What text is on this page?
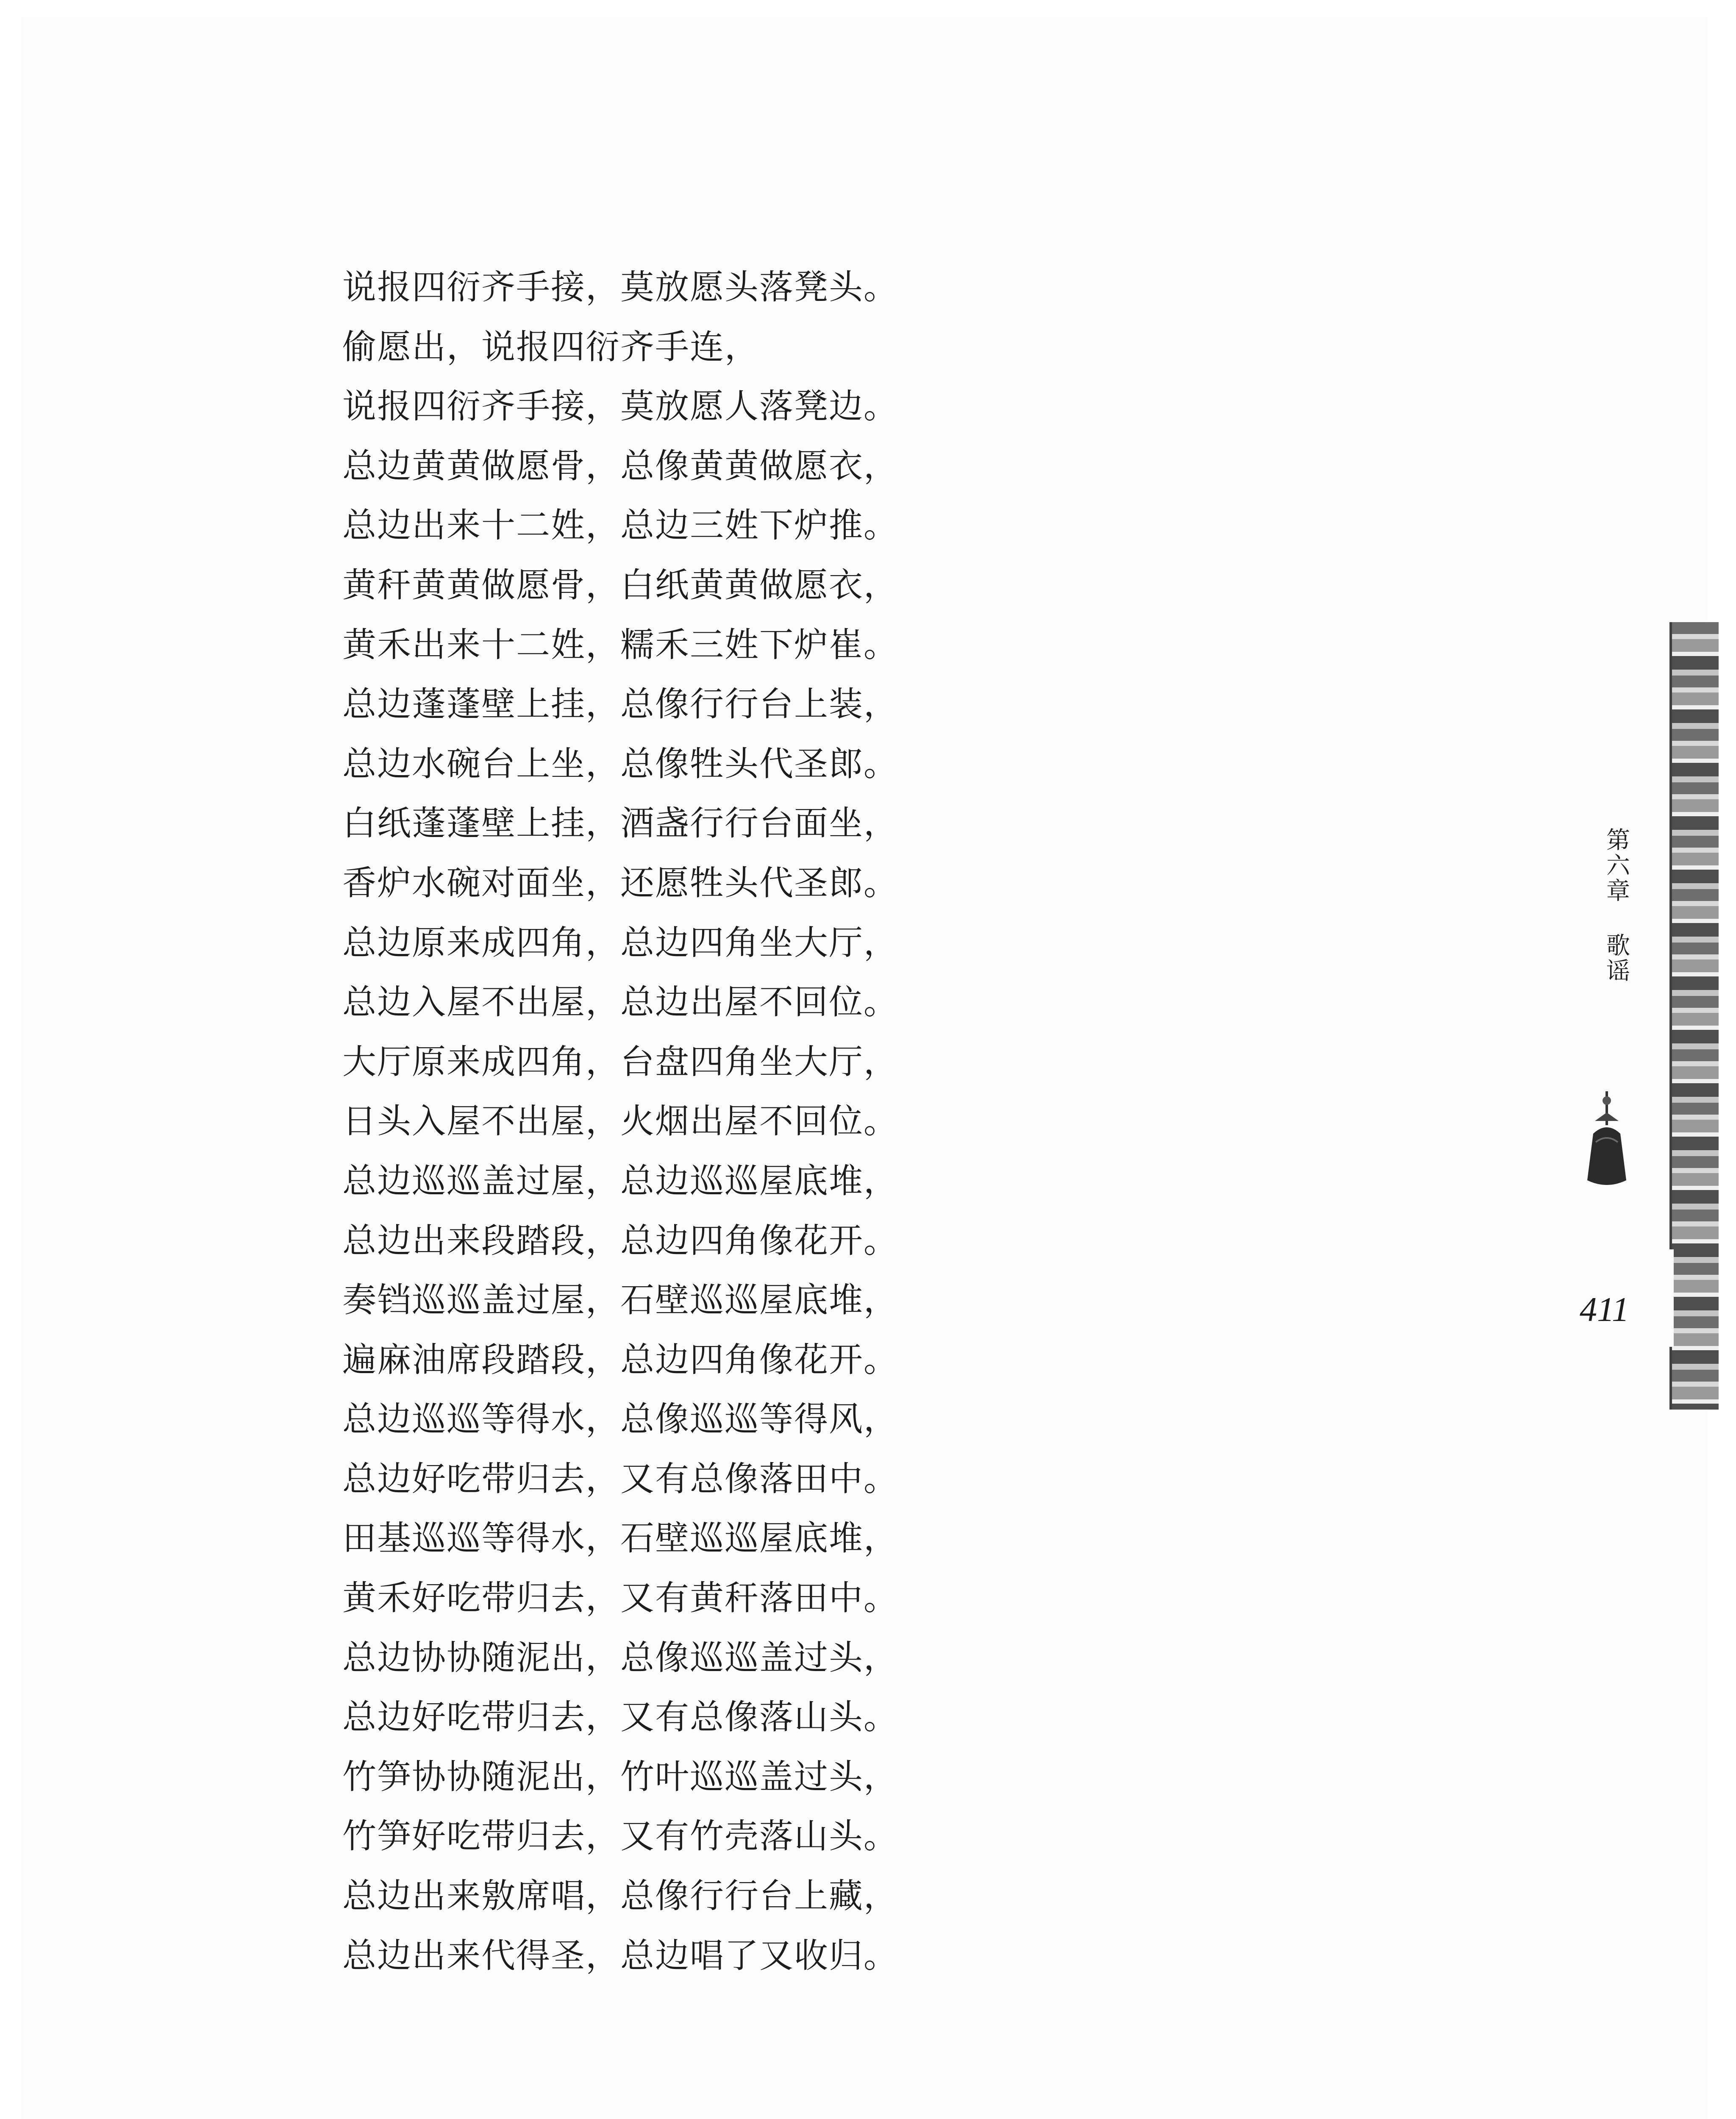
说报四衍齐手接，莫放愿头落凳头。
偷愿出，说报四衍齐手连，
说报四衍齐手接，莫放愿人落凳边。
总边黄黄做愿骨，总像黄黄做愿衣，
总边出来十二姓，总边三姓下炉推。
黄秆黄黄做愿骨，白纸黄黄做愿衣，
黄禾出来十二姓，糯禾三姓下炉崔。
总边蓬蓬壁上挂，总像行行台上装，
总边水碗台上坐，总像牲头代圣郎。
白纸蓬蓬壁上挂，酒盏行行台面坐，
香炉水碗对面坐，还愿牲头代圣郎。
总边原来成四角，总边四角坐大厅，
总边入屋不出屋，总边出屋不回位。
大厅原来成四角，台盘四角坐大厅，
日头入屋不出屋，火烟出屋不回位。
总边巡巡盖过屋，总边巡巡屋底堆，
总边出来段踏段，总边四角像花开。
奏铛巡巡盖过屋，石壁巡巡屋底堆，
遍麻油席段踏段，总边四角像花开。
总边巡巡等得水，总像巡巡等得风，
总边好吃带归去，又有总像落田中。
田基巡巡等得水，石壁巡巡屋底堆，
黄禾好吃带归去，又有黄秆落田中。
总边协协随泥出，总像巡巡盖过头，
总边好吃带归去，又有总像落山头。
竹笋协协随泥出，竹叶巡巡盖过头，
竹笋好吃带归去，又有竹壳落山头。
总边出来敫席唱，总像行行台上藏，
总边出来代得圣，总边唱了又收归。
第六章 歌谣
411
